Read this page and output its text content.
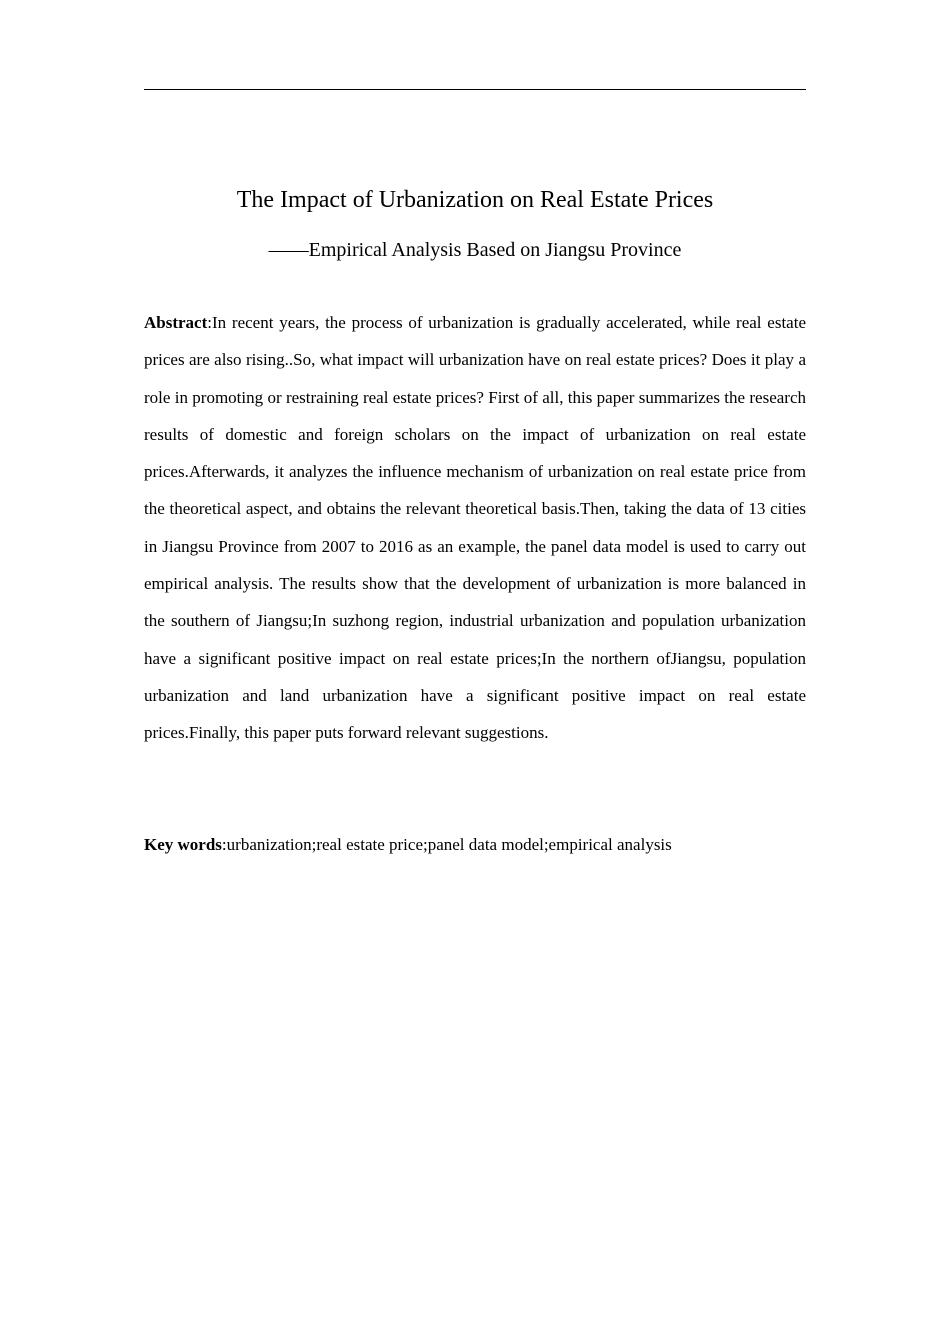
The Impact of Urbanization on Real Estate Prices
——Empirical Analysis Based on Jiangsu Province

Abstract:In recent years, the process of urbanization is gradually accelerated, while real estate prices are also rising..So, what impact will urbanization have on real estate prices? Does it play a role in promoting or restraining real estate prices? First of all, this paper summarizes the research results of domestic and foreign scholars on the impact of urbanization on real estate prices.Afterwards, it analyzes the influence mechanism of urbanization on real estate price from the theoretical aspect, and obtains the relevant theoretical basis.Then, taking the data of 13 cities in Jiangsu Province from 2007 to 2016 as an example, the panel data model is used to carry out empirical analysis. The results show that the development of urbanization is more balanced in the southern of Jiangsu;In suzhong region, industrial urbanization and population urbanization have a significant positive impact on real estate prices;In the northern ofJiangsu, population urbanization and land urbanization have a significant positive impact on real estate prices.Finally, this paper puts forward relevant suggestions.

Key words:urbanization;real estate price;panel data model;empirical analysis
